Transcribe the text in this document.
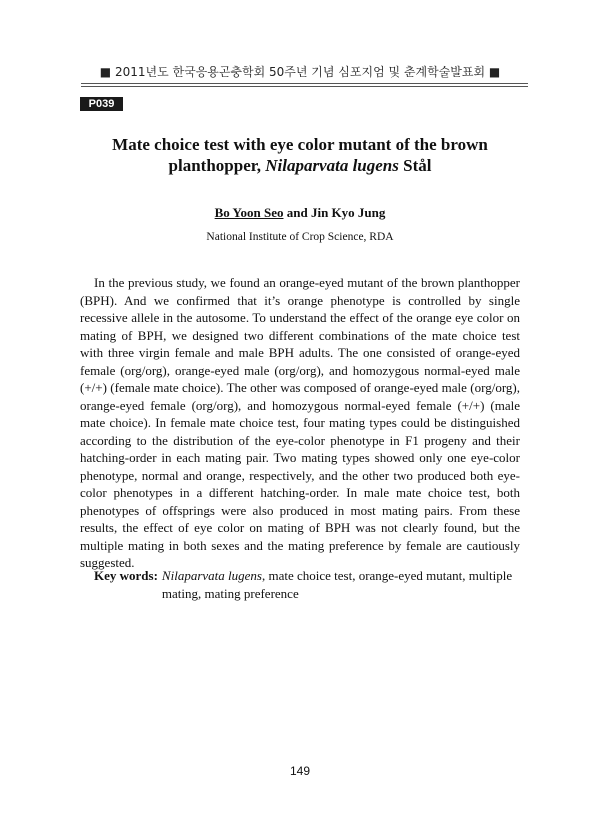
■ 2011년도 한국응용곤충학회 50주년 기념 심포지엄 및 춘계학술발표회 ■
P039
Mate choice test with eye color mutant of the brown
planthopper, Nilaparvata lugens Stål
Bo Yoon Seo and Jin Kyo Jung
National Institute of Crop Science, RDA

In the previous study, we found an orange-eyed mutant of the brown planthopper (BPH). And we confirmed that it’s orange phenotype is controlled by single recessive allele in the autosome. To understand the effect of the orange eye color on mating of BPH, we designed two different combinations of the mate choice test with three virgin female and male BPH adults. The one consisted of orange-eyed female (org/org), orange-eyed male (org/org), and homozygous normal-eyed male (+/+) (female mate choice). The other was composed of orange-eyed male (org/org), orange-eyed female (org/org), and homozygous normal-eyed female (+/+) (male mate choice). In female mate choice test, four mating types could be distinguished according to the distribution of the eye-color phenotype in F1 progeny and their hatching-order in each mating pair. Two mating types showed only one eye-color phenotype, normal and orange, respectively, and the other two produced both eye-color phenotypes in a different hatching-order. In male mate choice test, both phenotypes of offsprings were also produced in most mating pairs. From these results, the effect of eye color on mating of BPH was not clearly found, but the multiple mating in both sexes and the mating preference by female are cautiously suggested.

Key words: Nilaparvata lugens, mate choice test, orange-eyed mutant, multiple mating, mating preference
149
